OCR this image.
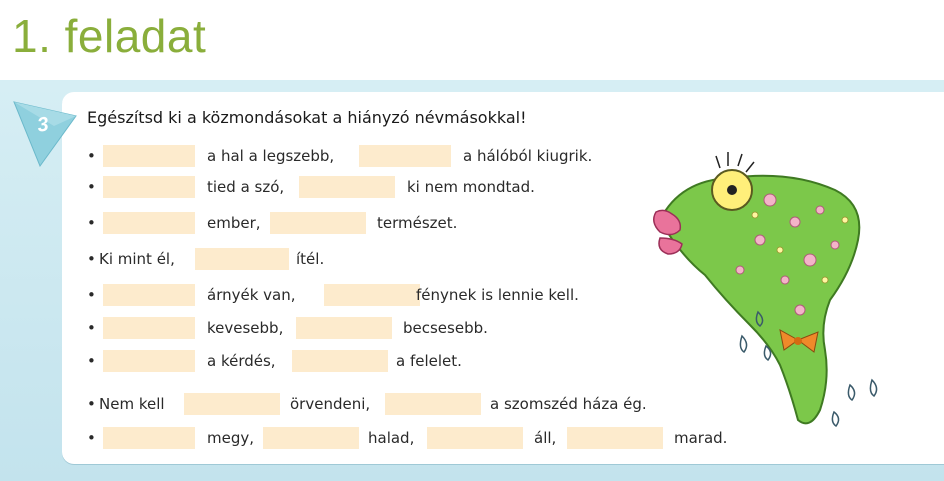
1. feladat
3 Egészítsd ki a közmondásokat a hiányzó névmásokkal!
•	a hal a legszebb,	a hálóból kiugrik.
•	tied a szó,	ki nem mondtad.
•	ember,	természet.
• Ki mint él,	ítél.
•	árnyék van,	fénynek is lennie kell.
•	kevesebb,	becsesebb.
•	a kérdés,	a felelet.
• Nem kell	örvendeni,	a szomszéd háza ég.
•	megy,	halad,	áll,	marad.
